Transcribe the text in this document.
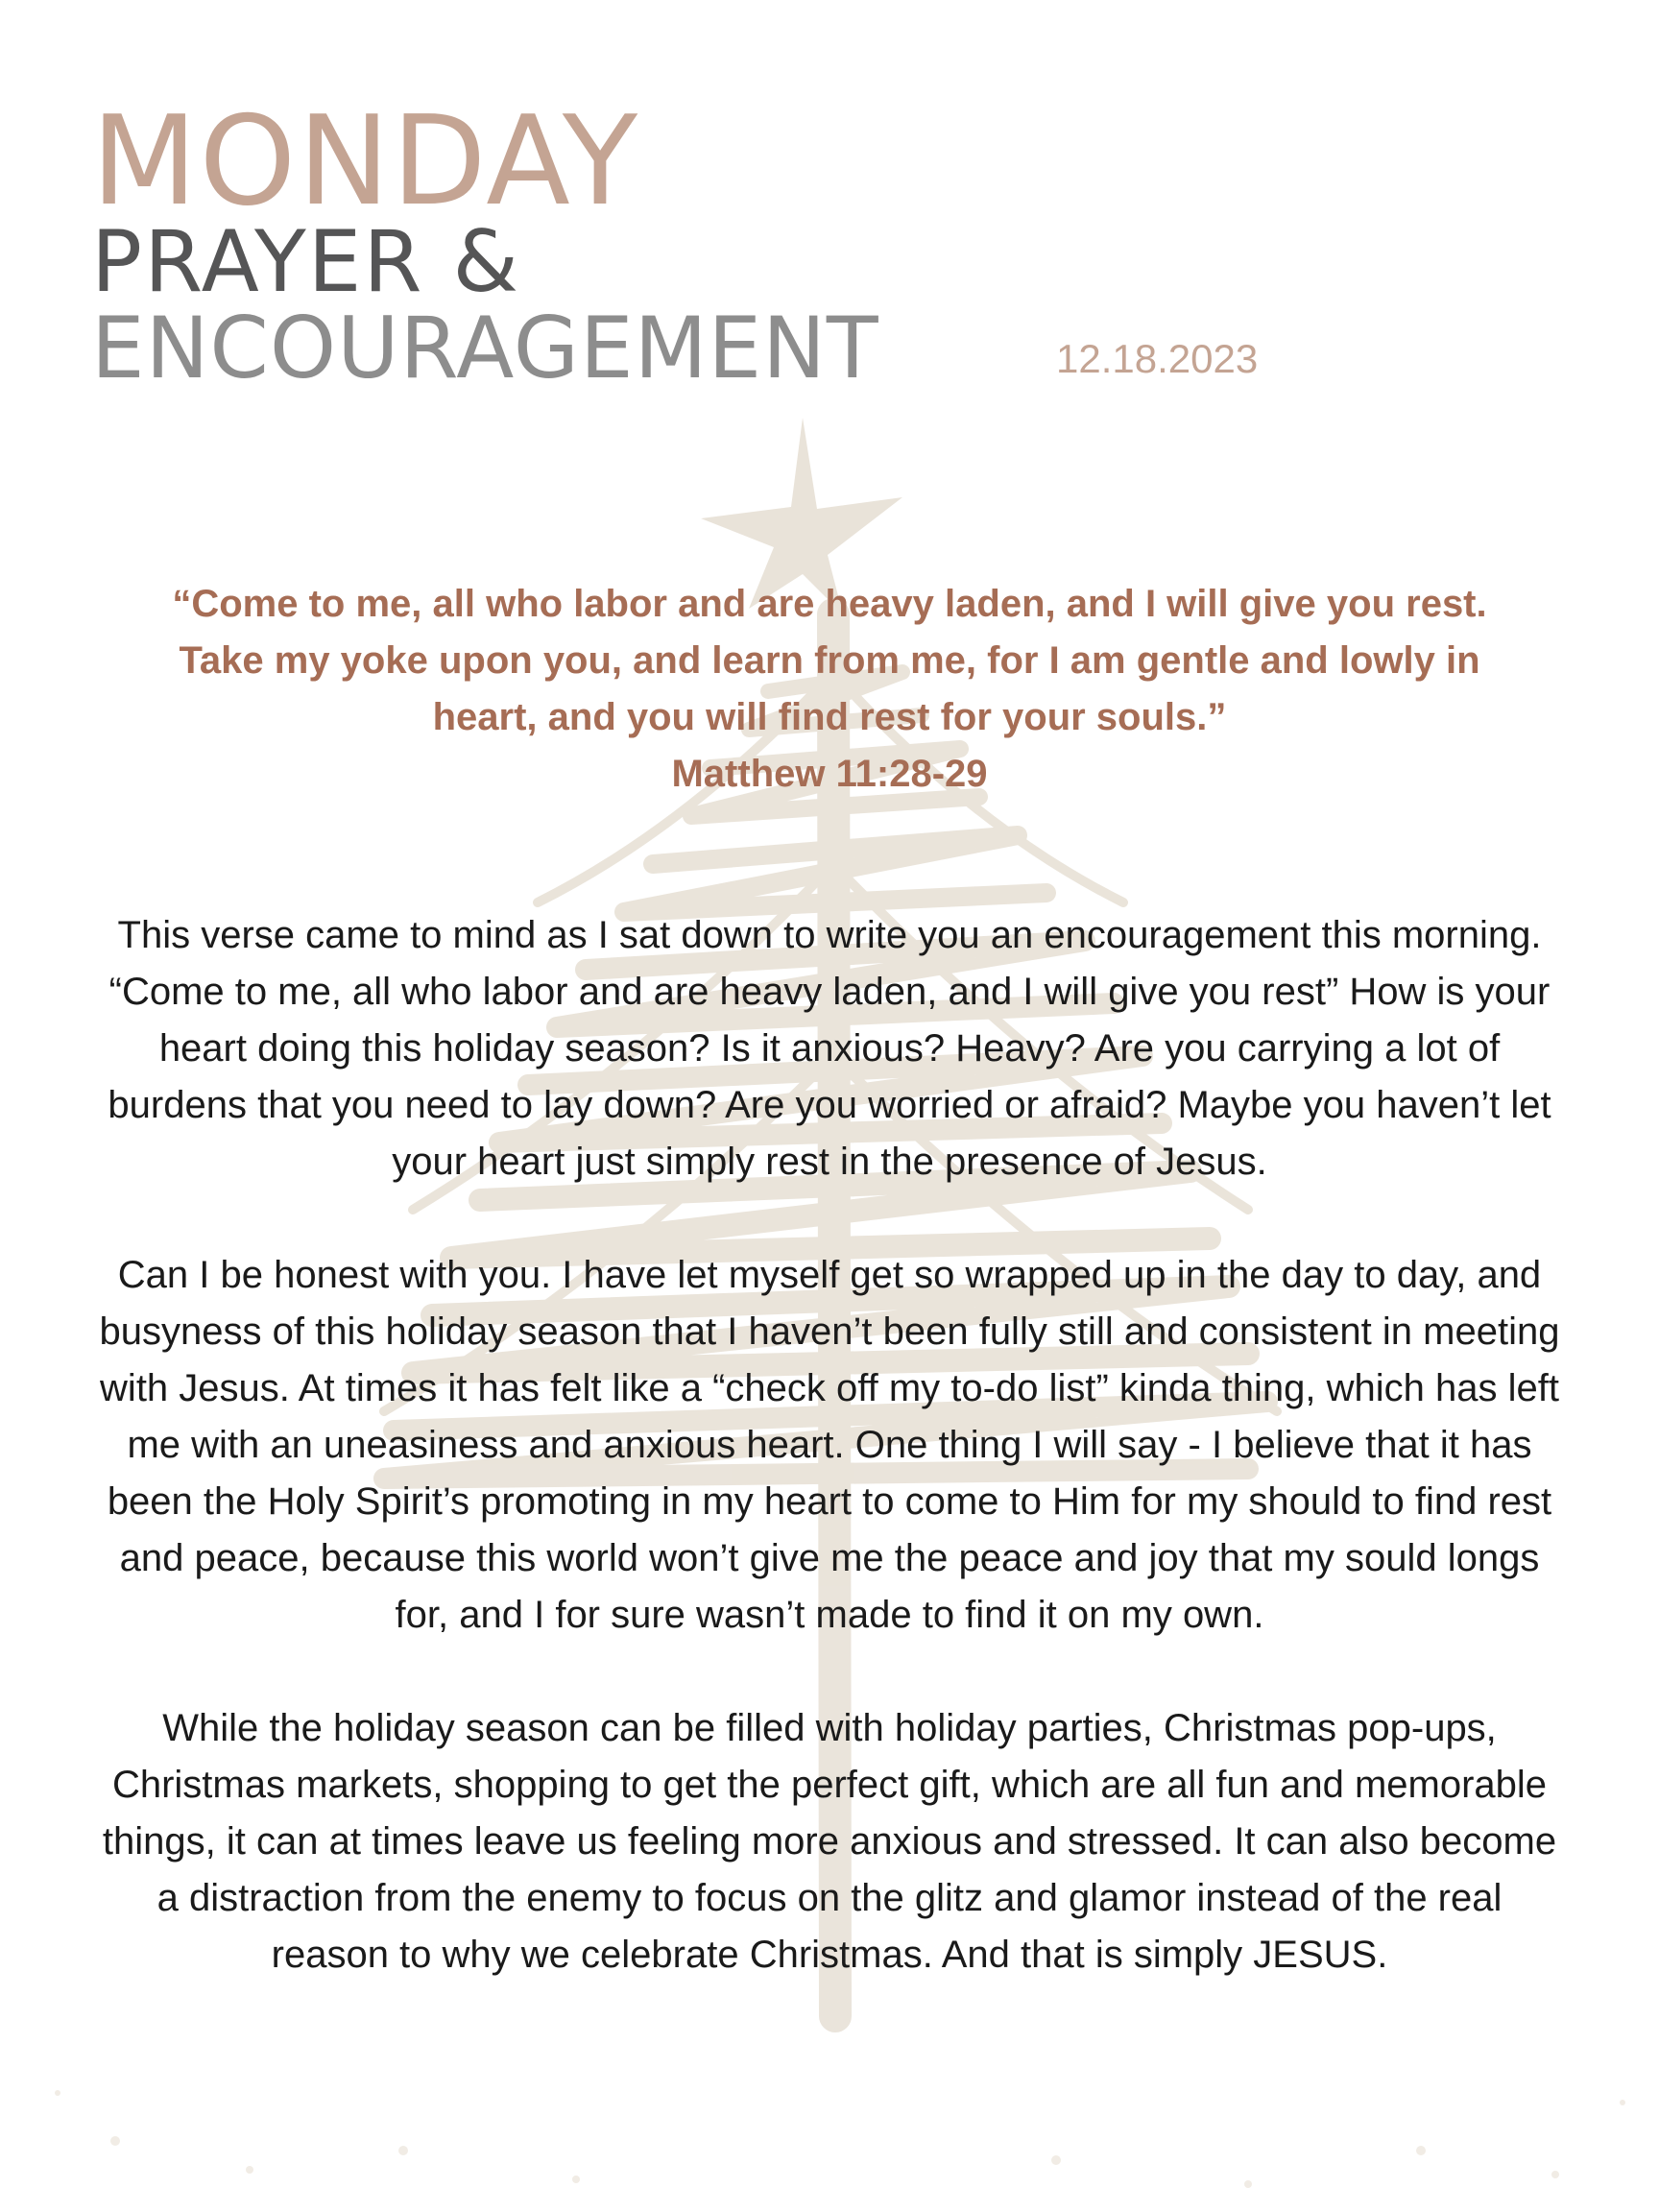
MONDAY
PRAYER &
ENCOURAGEMENT	12.18.2023

“Come to me, all who labor and are heavy laden, and I will give you rest. Take my yoke upon you, and learn from me, for I am gentle and lowly in heart, and you will find rest for your souls.”

Matthew 11:28-29

This verse came to mind as I sat down to write you an encouragement this morning. “Come to me, all who labor and are heavy laden, and I will give you rest” How is your heart doing this holiday season? Is it anxious? Heavy? Are you carrying a lot of burdens that you need to lay down? Are you worried or afraid? Maybe you haven’t let your heart just simply rest in the presence of Jesus.

Can I be honest with you. I have let myself get so wrapped up in the day to day, and busyness of this holiday season that I haven’t been fully still and consistent in meeting with Jesus. At times it has felt like a “check off my to-do list” kinda thing, which has left me with an uneasiness and anxious heart. One thing I will say - I believe that it has been the Holy Spirit’s promoting in my heart to come to Him for my should to find rest and peace, because this world won’t give me the peace and joy that my sould longs for, and I for sure wasn’t made to find it on my own.

While the holiday season can be filled with holiday parties, Christmas pop-ups, Christmas markets, shopping to get the perfect gift, which are all fun and memorable things, it can at times leave us feeling more anxious and stressed. It can also become a distraction from the enemy to focus on the glitz and glamor instead of the real reason to why we celebrate Christmas. And that is simply JESUS.
